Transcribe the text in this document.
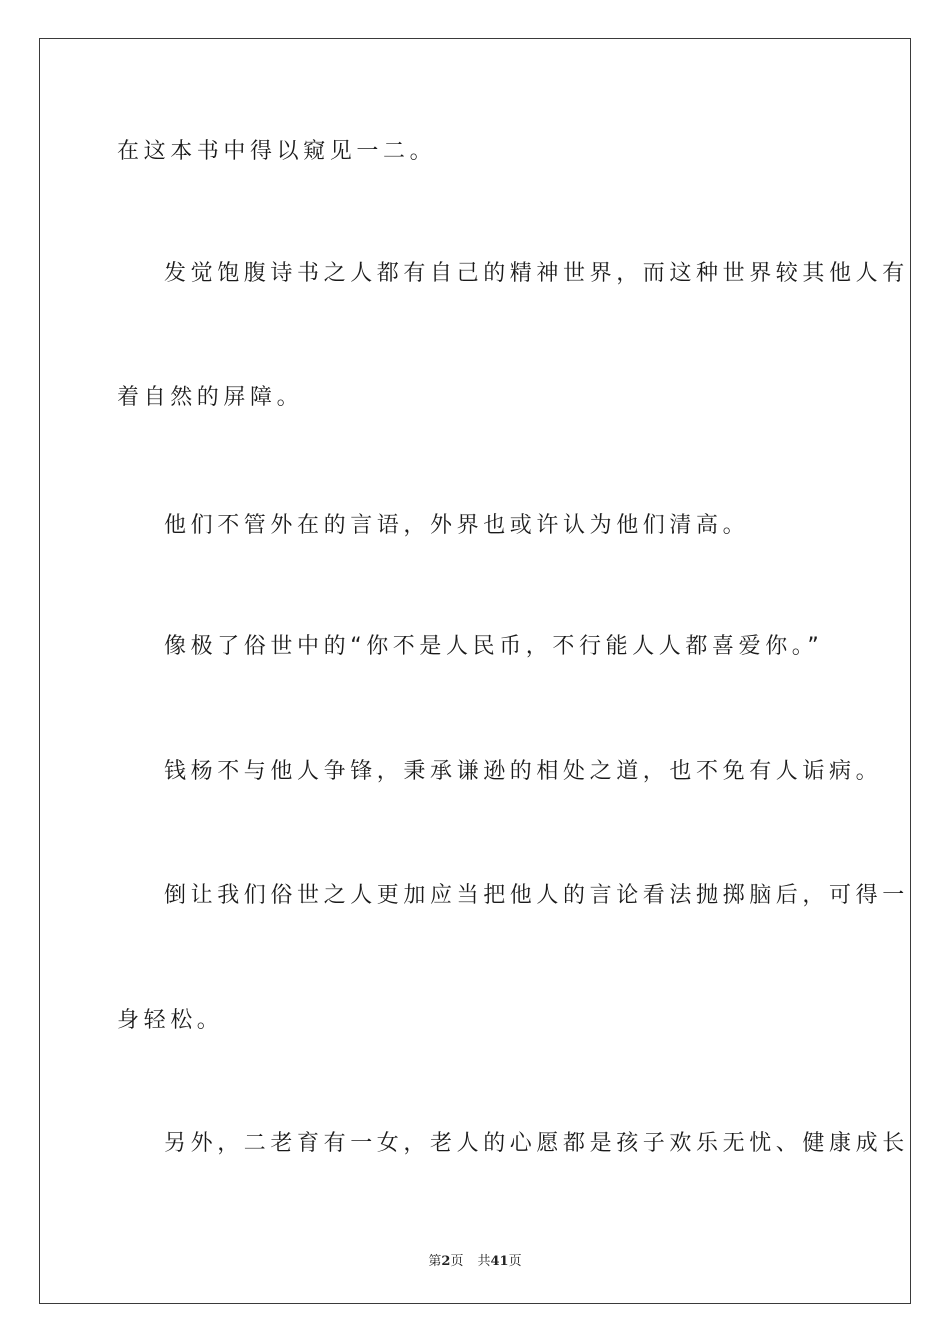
在这本书中得以窥见一二。
发觉饱腹诗书之人都有自己的精神世界，而这种世界较其他人有
着自然的屏障。
他们不管外在的言语，外界也或许认为他们清高。
像极了俗世中的“你不是人民币，不行能人人都喜爱你。”
钱杨不与他人争锋，秉承谦逊的相处之道，也不免有人诟病。
倒让我们俗世之人更加应当把他人的言论看法抛掷脑后，可得一
身轻松。
另外，二老育有一女，老人的心愿都是孩子欢乐无忧、健康成长
第2页 共41页
